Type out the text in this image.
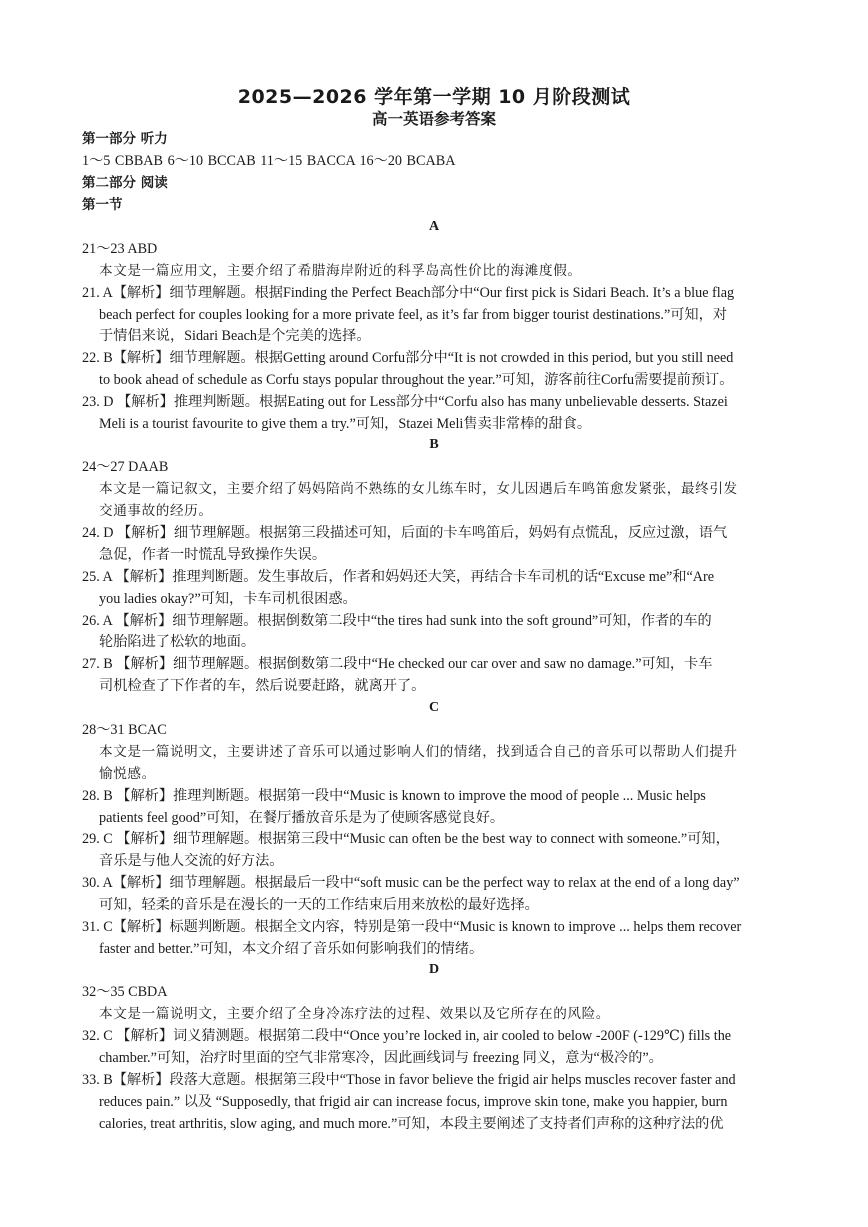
2025—2026 学年第一学期 10 月阶段测试
高一英语参考答案
第一部分 听力
1～5 CBBAB 6～10 BCCAB 11～15 BACCA 16～20 BCABA
第二部分 阅读
第一节
A
21～23 ABD
本文是一篇应用文，主要介绍了希腊海岸附近的科孚岛高性价比的海滩度假。
21. A【解析】细节理解题。根据Finding the Perfect Beach部分中“Our first pick is Sidari Beach. It’s a blue flag
beach perfect for couples looking for a more private feel, as it’s far from bigger tourist destinations.”可知，对
于情侣来说，Sidari Beach是个完美的选择。
22. B【解析】细节理解题。根据Getting around Corfu部分中“It is not crowded in this period, but you still need
to book ahead of schedule as Corfu stays popular throughout the year.”可知，游客前往Corfu需要提前预订。
23. D 【解析】推理判断题。根据Eating out for Less部分中“Corfu also has many unbelievable desserts. Stazei
Meli is a tourist favourite to give them a try.”可知，Stazei Meli售卖非常棒的甜食。
B
24～27 DAAB
本文是一篇记叙文，主要介绍了妈妈陪尚不熟练的女儿练车时，女儿因遇后车鸣笛愈发紧张，最终引发
交通事故的经历。
24. D 【解析】细节理解题。根据第三段描述可知，后面的卡车鸣笛后，妈妈有点慌乱，反应过激，语气
急促，作者一时慌乱导致操作失误。
25. A 【解析】推理判断题。发生事故后，作者和妈妈还大笑，再结合卡车司机的话“Excuse me”和“Are
you ladies okay?”可知，卡车司机很困惑。
26. A 【解析】细节理解题。根据倒数第二段中“the tires had sunk into the soft ground”可知，作者的车的
轮胎陷进了松软的地面。
27. B 【解析】细节理解题。根据倒数第二段中“He checked our car over and saw no damage.”可知，卡车
司机检查了下作者的车，然后说要赶路，就离开了。
C
28～31 BCAC
本文是一篇说明文，主要讲述了音乐可以通过影响人们的情绪，找到适合自己的音乐可以帮助人们提升
愉悦感。
28. B 【解析】推理判断题。根据第一段中“Music is known to improve the mood of people ... Music helps
patients feel good”可知，在餐厅播放音乐是为了使顾客感觉良好。
29. C 【解析】细节理解题。根据第三段中“Music can often be the best way to connect with someone.”可知，
音乐是与他人交流的好方法。
30. A【解析】细节理解题。根据最后一段中“soft music can be the perfect way to relax at the end of a long day”
可知，轻柔的音乐是在漫长的一天的工作结束后用来放松的最好选择。
31. C【解析】标题判断题。根据全文内容，特别是第一段中“Music is known to improve ... helps them recover
faster and better.”可知，本文介绍了音乐如何影响我们的情绪。
D
32～35 CBDA
本文是一篇说明文，主要介绍了全身冷冻疗法的过程、效果以及它所存在的风险。
32. C 【解析】词义猜测题。根据第二段中“Once you’re locked in, air cooled to below -200F (-129℃) fills the
chamber.”可知，治疗时里面的空气非常寒冷，因此画线词与 freezing 同义，意为“极冷的”。
33. B【解析】段落大意题。根据第三段中“Those in favor believe the frigid air helps muscles recover faster and
reduces pain.” 以及 “Supposedly, that frigid air can increase focus, improve skin tone, make you happier, burn
calories, treat arthritis, slow aging, and much more.”可知，本段主要阐述了支持者们声称的这种疗法的优
